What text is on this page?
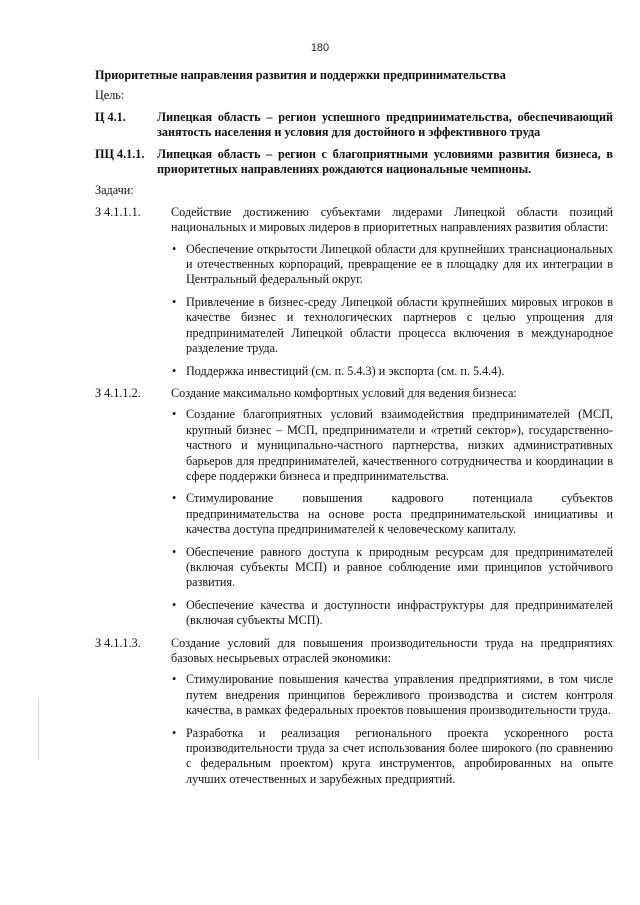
180
Приоритетные направления развития и поддержки предпринимательства
Цель:
Ц 4.1.	Липецкая область – регион успешного предпринимательства, обеспечивающий занятость населения и условия для достойного и эффективного труда
ПЦ 4.1.1.	Липецкая область – регион с благоприятными условиями развития бизнеса, в приоритетных направлениях рождаются национальные чемпионы.
Задачи:
З 4.1.1.1.	Содействие достижению субъектами лидерами Липецкой области позиций национальных и мировых лидеров в приоритетных направлениях развития области:
• Обеспечение открытости Липецкой области для крупнейших транснациональных и отечественных корпораций, превращение ее в площадку для их интеграции в Центральный федеральный округ.
• Привлечение в бизнес-среду Липецкой области крупнейших мировых игроков в качестве бизнес и технологических партнеров с целью упрощения для предпринимателей Липецкой области процесса включения в международное разделение труда.
• Поддержка инвестиций (см. п. 5.4.3) и экспорта (см. п. 5.4.4).
З 4.1.1.2.	Создание максимально комфортных условий для ведения бизнеса:
• Создание благоприятных условий взаимодействия предпринимателей (МСП, крупный бизнес – МСП, предприниматели и «третий сектор»), государственно-частного и муниципально-частного партнерства, низких административных барьеров для предпринимателей, качественного сотрудничества и координации в сфере поддержки бизнеса и предпринимательства.
• Стимулирование повышения кадрового потенциала субъектов предпринимательства на основе роста предпринимательской инициативы и качества доступа предпринимателей к человеческому капиталу.
• Обеспечение равного доступа к природным ресурсам для предпринимателей (включая субъекты МСП) и равное соблюдение ими принципов устойчивого развития.
• Обеспечение качества и доступности инфраструктуры для предпринимателей (включая субъекты МСП).
З 4.1.1.3.	Создание условий для повышения производительности труда на предприятиях базовых несырьевых отраслей экономики:
• Стимулирование повышения качества управления предприятиями, в том числе путем внедрения принципов бережливого производства и систем контроля качества, в рамках федеральных проектов повышения производительности труда.
• Разработка и реализация регионального проекта ускоренного роста производительности труда за счет использования более широкого (по сравнению с федеральным проектом) круга инструментов, апробированных на опыте лучших отечественных и зарубежных предприятий.
